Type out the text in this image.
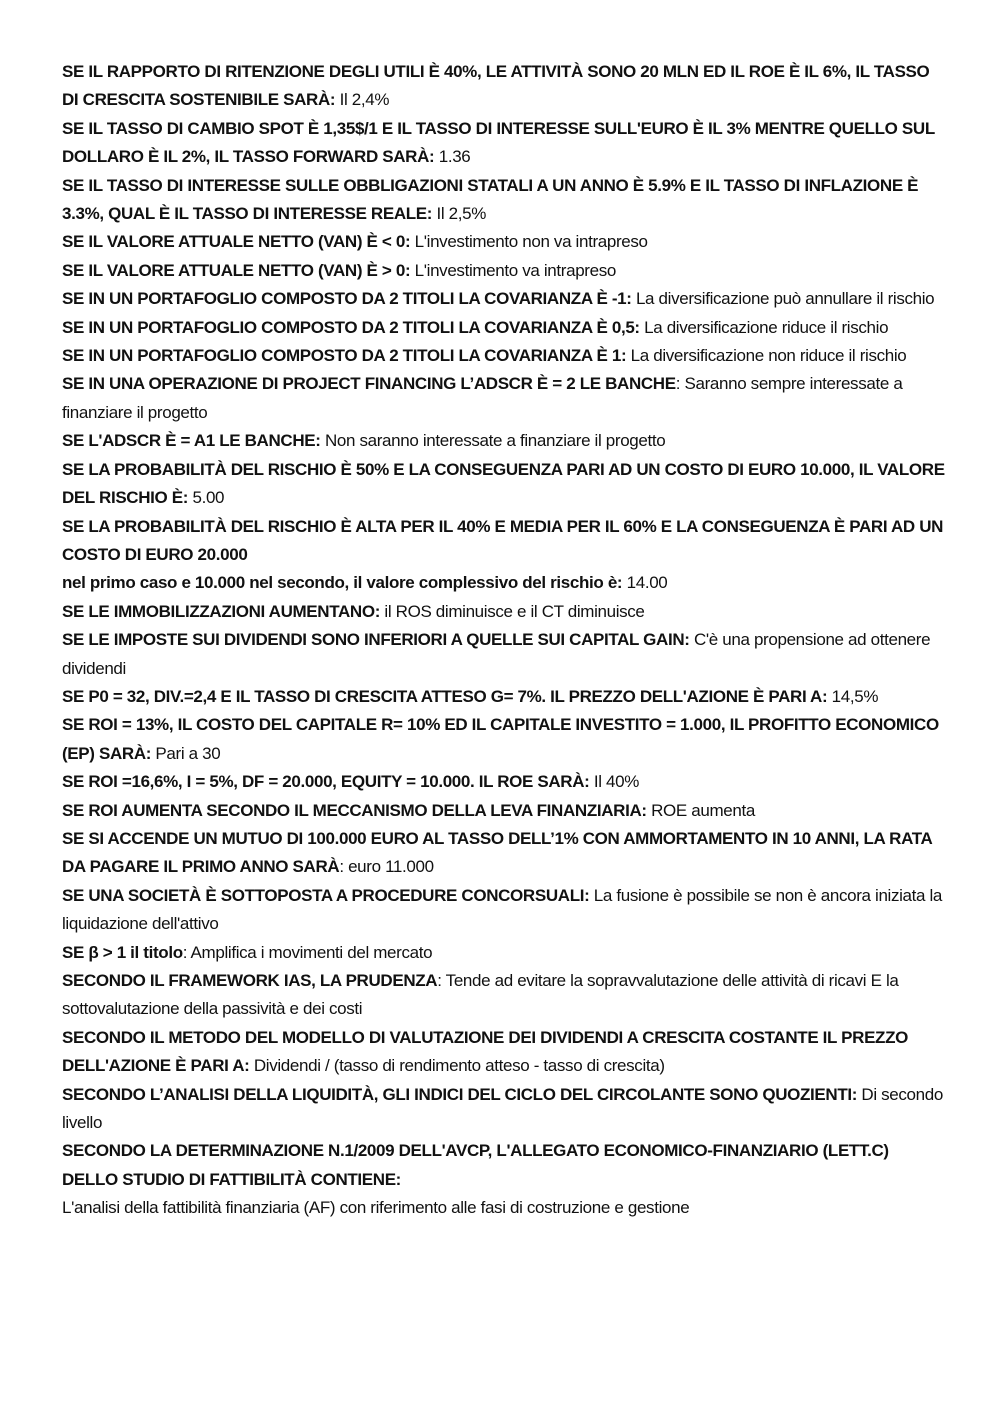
SE IL RAPPORTO DI RITENZIONE DEGLI UTILI È 40%, LE ATTIVITÀ SONO 20 MLN ED IL ROE È IL 6%, IL TASSO DI CRESCITA SOSTENIBILE SARÀ: Il 2,4%

SE IL TASSO DI CAMBIO SPOT È 1,35$/1 E IL TASSO DI INTERESSE SULL'EURO È IL 3% MENTRE QUELLO SUL DOLLARO È IL 2%, IL TASSO FORWARD SARÀ: 1.36

SE IL TASSO DI INTERESSE SULLE OBBLIGAZIONI STATALI A UN ANNO È 5.9% E IL TASSO DI INFLAZIONE È 3.3%, QUAL È IL TASSO DI INTERESSE REALE: Il 2,5%

SE IL VALORE ATTUALE NETTO (VAN) È < 0: L'investimento non va intrapreso

SE IL VALORE ATTUALE NETTO (VAN) È > 0: L'investimento va intrapreso

SE IN UN PORTAFOGLIO COMPOSTO DA 2 TITOLI LA COVARIANZA È -1: La diversificazione può annullare il rischio

SE IN UN PORTAFOGLIO COMPOSTO DA 2 TITOLI LA COVARIANZA È 0,5: La diversificazione riduce il rischio

SE IN UN PORTAFOGLIO COMPOSTO DA 2 TITOLI LA COVARIANZA È 1: La diversificazione non riduce il rischio

SE IN UNA OPERAZIONE DI PROJECT FINANCING L’ADSCR È = 2 LE BANCHE: Saranno sempre interessate a finanziare il progetto

SE L'ADSCR È = A1 LE BANCHE: Non saranno interessate a finanziare il progetto

SE LA PROBABILITÀ DEL RISCHIO È 50% E LA CONSEGUENZA PARI AD UN COSTO DI EURO 10.000, IL VALORE DEL RISCHIO È: 5.00

SE LA PROBABILITÀ DEL RISCHIO È ALTA PER IL 40% E MEDIA PER IL 60% E LA CONSEGUENZA È PARI AD UN COSTO DI EURO 20.000

nel primo caso e 10.000 nel secondo, il valore complessivo del rischio è: 14.00

SE LE IMMOBILIZZAZIONI AUMENTANO: il ROS diminuisce e il CT diminuisce

SE LE IMPOSTE SUI DIVIDENDI SONO INFERIORI A QUELLE SUI CAPITAL GAIN: C'è una propensione ad ottenere dividendi

SE P0 = 32, DIV.=2,4 E IL TASSO DI CRESCITA ATTESO G= 7%. IL PREZZO DELL'AZIONE È PARI A: 14,5%

SE ROI = 13%, IL COSTO DEL CAPITALE R= 10% ED IL CAPITALE INVESTITO = 1.000, IL PROFITTO ECONOMICO (EP) SARÀ: Pari a 30

SE ROI =16,6%, I = 5%, DF = 20.000, EQUITY = 10.000. IL ROE SARÀ: Il 40%

SE ROI AUMENTA SECONDO IL MECCANISMO DELLA LEVA FINANZIARIA: ROE aumenta

SE SI ACCENDE UN MUTUO DI 100.000 EURO AL TASSO DELL’1% CON AMMORTAMENTO IN 10 ANNI, LA RATA DA PAGARE IL PRIMO ANNO SARÀ: euro 11.000

SE UNA SOCIETÀ È SOTTOPOSTA A PROCEDURE CONCORSUALI: La fusione è possibile se non è ancora iniziata la liquidazione dell'attivo

SE β > 1 il titolo: Amplifica i movimenti del mercato

SECONDO IL FRAMEWORK IAS, LA PRUDENZA: Tende ad evitare la sopravvalutazione delle attività di ricavi E la sottovalutazione della passività e dei costi

SECONDO IL METODO DEL MODELLO DI VALUTAZIONE DEI DIVIDENDI A CRESCITA COSTANTE IL PREZZO DELL'AZIONE È PARI A: Dividendi / (tasso di rendimento atteso - tasso di crescita)

SECONDO L’ANALISI DELLA LIQUIDITÀ, GLI INDICI DEL CICLO DEL CIRCOLANTE SONO QUOZIENTI: Di secondo livello

SECONDO LA DETERMINAZIONE N.1/2009 DELL'AVCP, L'ALLEGATO ECONOMICO-FINANZIARIO (LETT.C) DELLO STUDIO DI FATTIBILITÀ CONTIENE:

L'analisi della fattibilità finanziaria (AF) con riferimento alle fasi di costruzione e gestione
